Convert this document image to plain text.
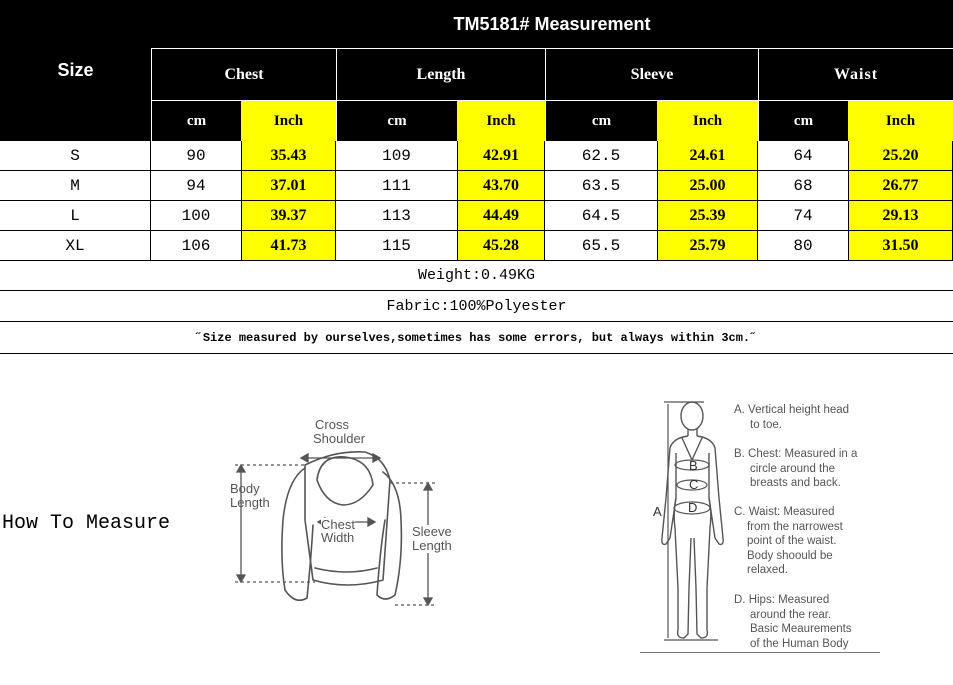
Size
TM5181# Measurement
Chest	Length	Sleeve	Waist
cm	Inch	cm	Inch	cm	Inch	cm	Inch
S	90	35.43	109	42.91	62.5	24.61	64	25.20
M	94	37.01	111	43.70	63.5	25.00	68	26.77
L	100	39.37	113	44.49	64.5	25.39	74	29.13
XL	106	41.73	115	45.28	65.5	25.79	80	31.50
Weight:0.49KG
Fabric:100%Polyester
˝Size measured by ourselves,sometimes has some errors, but always within 3cm.˝
How To Measure
Cross
Shoulder
Body
Length
Chest
Width	Sleeve
Length
A
B
C
D
A. Vertical height head
to toe.
B. Chest: Measured in a
circle around the
breasts and back.
C. Waist: Measured
from the narrowest
point of the waist.
Body shoould be
relaxed.
D. Hips: Measured
around the rear.
Basic Meaurements
of the Human Body
